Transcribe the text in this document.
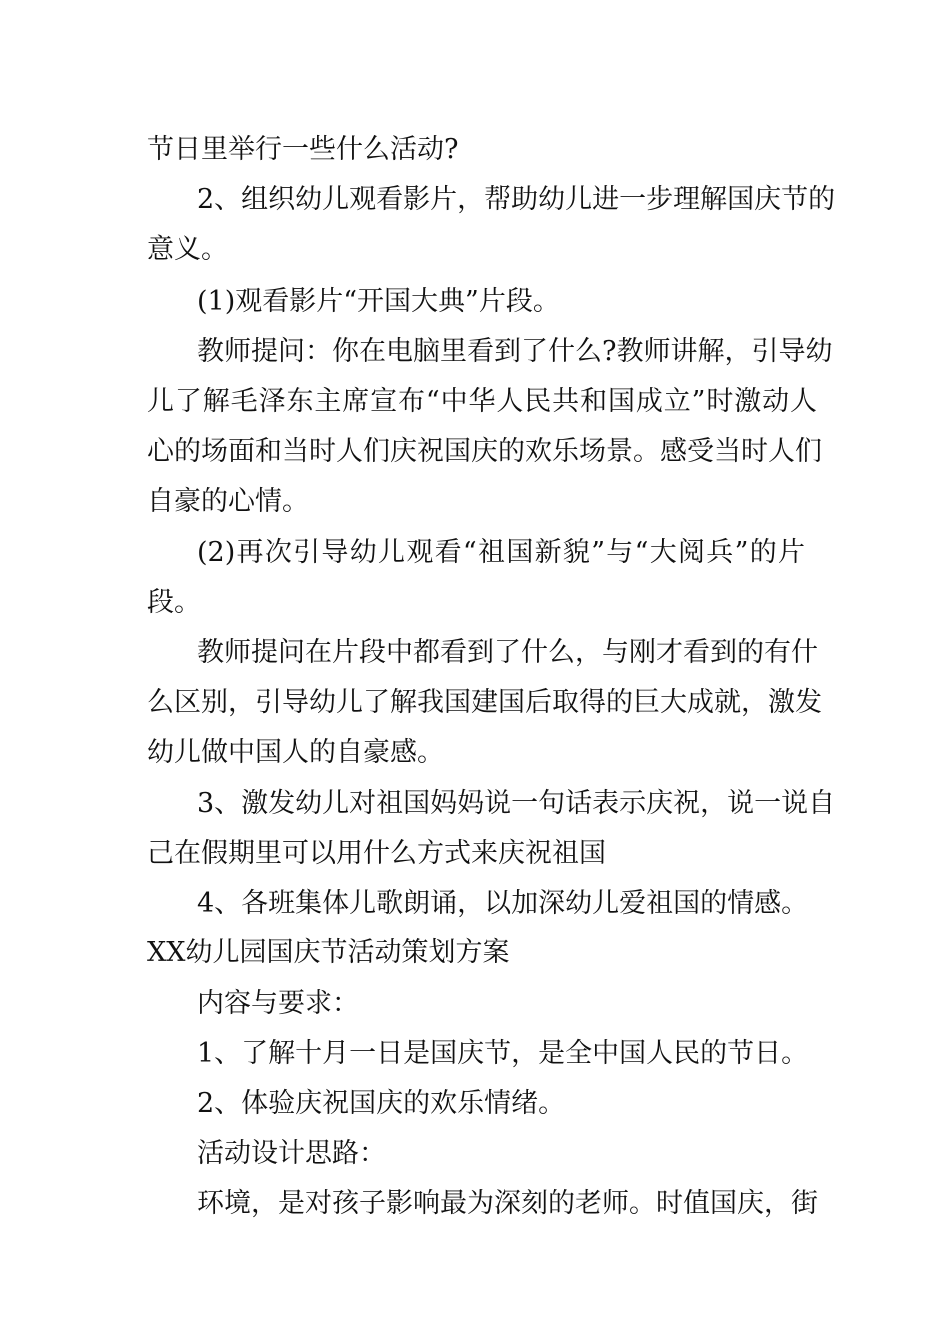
节日里举行一些什么活动?
2、组织幼儿观看影片，帮助幼儿进一步理解国庆节的
意义。
(1)观看影片“开国大典”片段。
教师提问：你在电脑里看到了什么?教师讲解，引导幼
儿了解毛泽东主席宣布“中华人民共和国成立”时激动人
心的场面和当时人们庆祝国庆的欢乐场景。感受当时人们
自豪的心情。
(2)再次引导幼儿观看“祖国新貌”与“大阅兵”的片
段。
教师提问在片段中都看到了什么，与刚才看到的有什
么区别，引导幼儿了解我国建国后取得的巨大成就，激发
幼儿做中国人的自豪感。
3、激发幼儿对祖国妈妈说一句话表示庆祝，说一说自
己在假期里可以用什么方式来庆祝祖国
4、各班集体儿歌朗诵，以加深幼儿爱祖国的情感。
XX幼儿园国庆节活动策划方案
内容与要求：
1、了解十月一日是国庆节，是全中国人民的节日。
2、体验庆祝国庆的欢乐情绪。
活动设计思路：
环境，是对孩子影响最为深刻的老师。时值国庆，街
